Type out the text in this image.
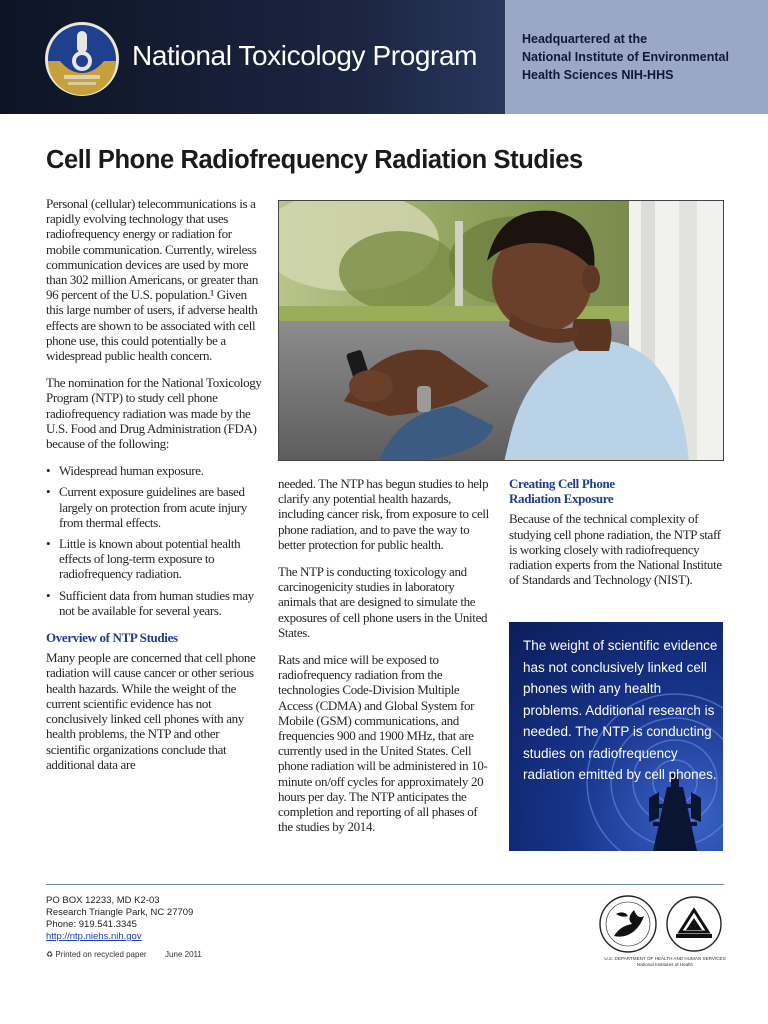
National Toxicology Program
Headquartered at the
National Institute of Environmental
Health Sciences NIH-HHS
Cell Phone Radiofrequency Radiation Studies

Personal (cellular) telecommunications is a rapidly evolving technology that uses radiofrequency energy or radiation for mobile communication. Currently, wireless communication devices are used by more than 302 million Americans, or greater than 96 percent of the U.S. population.¹ Given this large number of users, if adverse health effects are shown to be associated with cell phone use, this could potentially be a widespread public health concern.

The nomination for the National Toxicology Program (NTP) to study cell phone radiofrequency radiation was made by the U.S. Food and Drug Administration (FDA) because of the following:

• Widespread human exposure.
• Current exposure guidelines are based largely on protection from acute injury from thermal effects.
• Little is known about potential health effects of long-term exposure to radiofrequency radiation.
• Sufficient data from human studies may not be available for several years.
Overview of NTP Studies

Many people are concerned that cell phone radiation will cause cancer or other serious health hazards. While the weight of the current scientific evidence has not conclusively linked cell phones with any health problems, the NTP and other scientific organizations conclude that additional data are

needed. The NTP has begun studies to help clarify any potential health hazards, including cancer risk, from exposure to cell phone radiation, and to pave the way to better protection for public health.

The NTP is conducting toxicology and carcinogenicity studies in laboratory animals that are designed to simulate the exposures of cell phone users in the United States.

Rats and mice will be exposed to radiofrequency radiation from the technologies Code-Division Multiple Access (CDMA) and Global System for Mobile (GSM) communications, and frequencies 900 and 1900 MHz, that are currently used in the United States. Cell phone radiation will be administered in 10-minute on/off cycles for approximately 20 hours per day. The NTP anticipates the completion and reporting of all phases of the studies by 2014.

Creating Cell Phone
Radiation Exposure

Because of the technical complexity of studying cell phone radiation, the NTP staff is working closely with radiofrequency radiation experts from the National Institute of Standards and Technology (NIST).

The weight of scientific evidence has not conclusively linked cell phones with any health problems. Additional research is needed. The NTP is conducting studies on radiofrequency radiation emitted by cell phones.
PO BOX 12233, MD K2-03
Research Triangle Park, NC 27709
Phone: 919.541.3345
http://ntp.niehs.nih.gov
♻ Printed on recycled paper June 2011	U.S. DEPARTMENT OF HEALTH AND HUMAN SERVICES
National Institutes of Health
